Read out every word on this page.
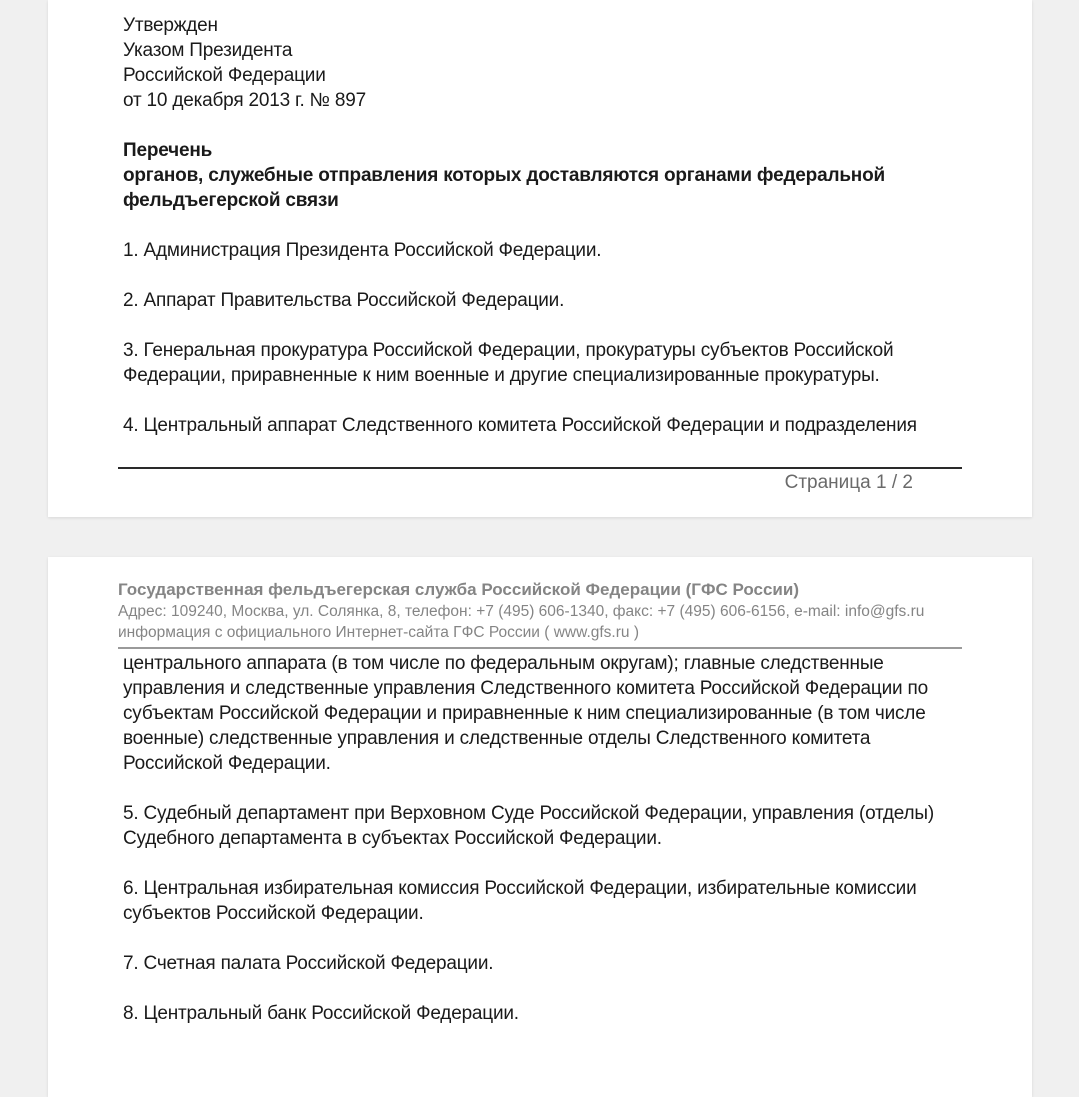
Утвержден

Указом Президента

Российской Федерации

от 10 декабря 2013 г. № 897

Перечень

органов, служебные отправления которых доставляются органами федеральной

фельдъегерской связи

1. Администрация Президента Российской Федерации.

2. Аппарат Правительства Российской Федерации.

3. Генеральная прокуратура Российской Федерации, прокуратуры субъектов Российской

Федерации, приравненные к ним военные и другие специализированные прокуратуры.

4. Центральный аппарат Следственного комитета Российской Федерации и подразделения

Страница 1 / 2

Государственная фельдъегерская служба Российской Федерации (ГФС России)

Адрес: 109240, Москва, ул. Солянка, 8, телефон: +7 (495) 606-1340, факс: +7 (495) 606-6156, e-mail: info@gfs.ru

информация с официального Интернет-сайта ГФС России ( www.gfs.ru )

центрального аппарата (в том числе по федеральным округам); главные следственные

управления и следственные управления Следственного комитета Российской Федерации по

субъектам Российской Федерации и приравненные к ним специализированные (в том числе

военные) следственные управления и следственные отделы Следственного комитета

Российской Федерации.

5. Судебный департамент при Верховном Суде Российской Федерации, управления (отделы)

Судебного департамента в субъектах Российской Федерации.

6. Центральная избирательная комиссия Российской Федерации, избирательные комиссии

субъектов Российской Федерации.

7. Счетная палата Российской Федерации.

8. Центральный банк Российской Федерации.
